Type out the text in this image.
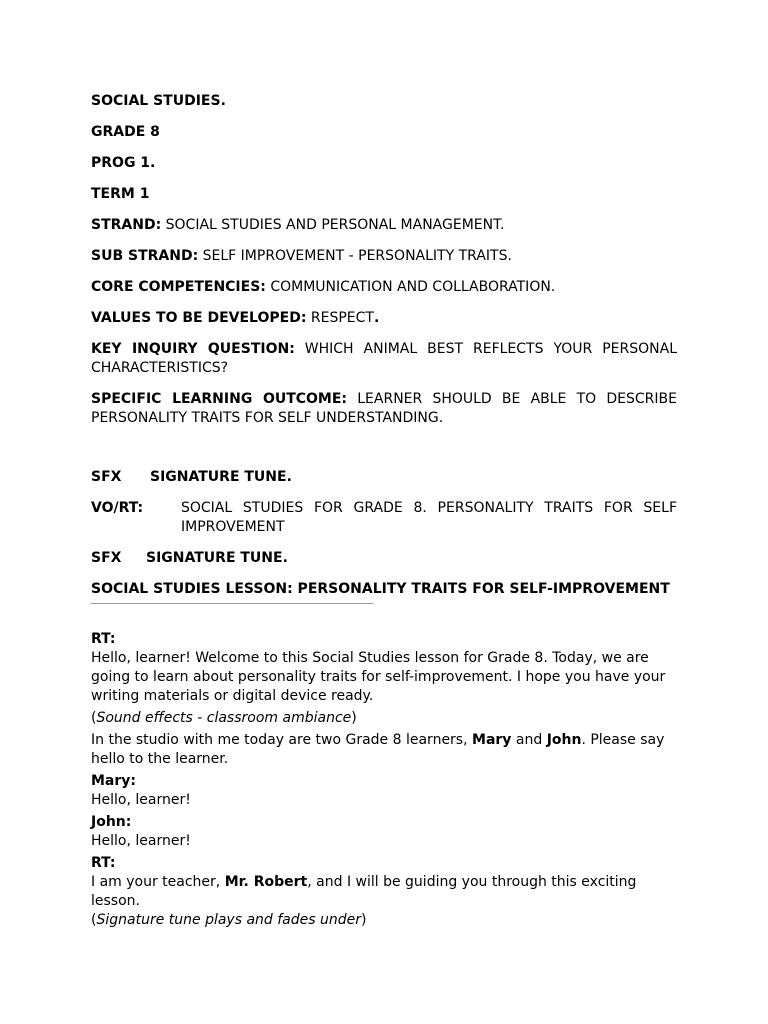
SOCIAL STUDIES.
GRADE 8
PROG 1.
TERM 1
STRAND: SOCIAL STUDIES AND PERSONAL MANAGEMENT.
SUB STRAND: SELF IMPROVEMENT - PERSONALITY TRAITS.
CORE COMPETENCIES: COMMUNICATION AND COLLABORATION.
VALUES TO BE DEVELOPED: RESPECT.
KEY INQUIRY QUESTION: WHICH ANIMAL BEST REFLECTS YOUR PERSONAL CHARACTERISTICS?
SPECIFIC LEARNING OUTCOME: LEARNER SHOULD BE ABLE TO DESCRIBE PERSONALITY TRAITS FOR SELF UNDERSTANDING.
SFX	SIGNATURE TUNE.
VO/RT:	SOCIAL STUDIES FOR GRADE 8. PERSONALITY TRAITS FOR SELF IMPROVEMENT
SFX	SIGNATURE TUNE.
SOCIAL STUDIES LESSON: PERSONALITY TRAITS FOR SELF-IMPROVEMENT

RT:

Hello, learner! Welcome to this Social Studies lesson for Grade 8. Today, we are going to learn about personality traits for self-improvement. I hope you have your writing materials or digital device ready.

(Sound effects - classroom ambiance)

In the studio with me today are two Grade 8 learners, Mary and John. Please say hello to the learner.

Mary:

Hello, learner!

John:

Hello, learner!

RT:

I am your teacher, Mr. Robert, and I will be guiding you through this exciting lesson.

(Signature tune plays and fades under)
